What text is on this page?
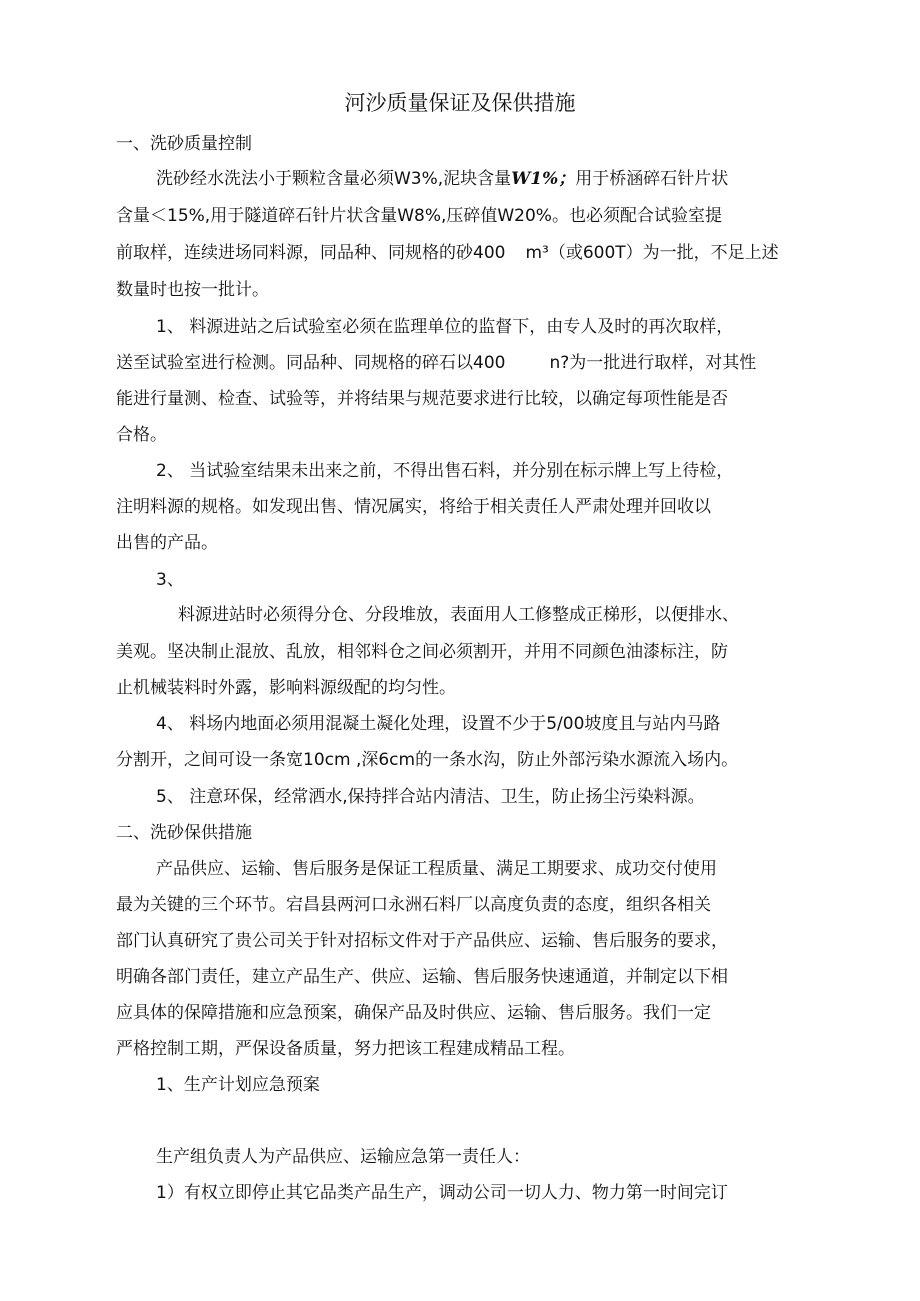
河沙质量保证及保供措施
一、洗砂质量控制
洗砂经水洗法小于颗粒含量必须W3%,泥块含量W1%；用于桥涵碎石针片状
含量＜15%,用于隧道碎石针片状含量W8%,压碎值W20%。也必须配合试验室提
前取样，连续进场同料源，同品种、同规格的砂400 m³（或600T）为一批，不足上述
数量时也按一批计。
1、 料源进站之后试验室必须在监理单位的监督下，由专人及时的再次取样，
送至试验室进行检测。同品种、同规格的碎石以400	n?为一批进行取样，对其性
能进行量测、检查、试验等，并将结果与规范要求进行比较，以确定每项性能是否
合格。
2、 当试验室结果未出来之前，不得出售石料，并分别在标示牌上写上待检，
注明料源的规格。如发现出售、情况属实，将给于相关责任人严肃处理并回收以
出售的产品。
3、
料源进站时必须得分仓、分段堆放，表面用人工修整成正梯形，以便排水、
美观。坚决制止混放、乱放，相邻料仓之间必须割开，并用不同颜色油漆标注，防
止机械装料时外露，影响料源级配的均匀性。
4、 料场内地面必须用混凝土凝化处理，设置不少于5/00坡度且与站内马路
分割开，之间可设一条宽10cm ,深6cm的一条水沟，防止外部污染水源流入场内。
5、 注意环保，经常洒水,保持拌合站内清洁、卫生，防止扬尘污染料源。
二、洗砂保供措施
产品供应、运输、售后服务是保证工程质量、满足工期要求、成功交付使用
最为关键的三个环节。宕昌县两河口永洲石料厂以高度负责的态度，组织各相关
部门认真研究了贵公司关于针对招标文件对于产品供应、运输、售后服务的要求，
明确各部门责任，建立产品生产、供应、运输、售后服务快速通道，并制定以下相
应具体的保障措施和应急预案，确保产品及时供应、运输、售后服务。我们一定
严格控制工期，严保设备质量，努力把该工程建成精品工程。
1、生产计划应急预案
生产组负责人为产品供应、运输应急第一责任人：
1）有权立即停止其它品类产品生产，调动公司一切人力、物力第一时间完订
